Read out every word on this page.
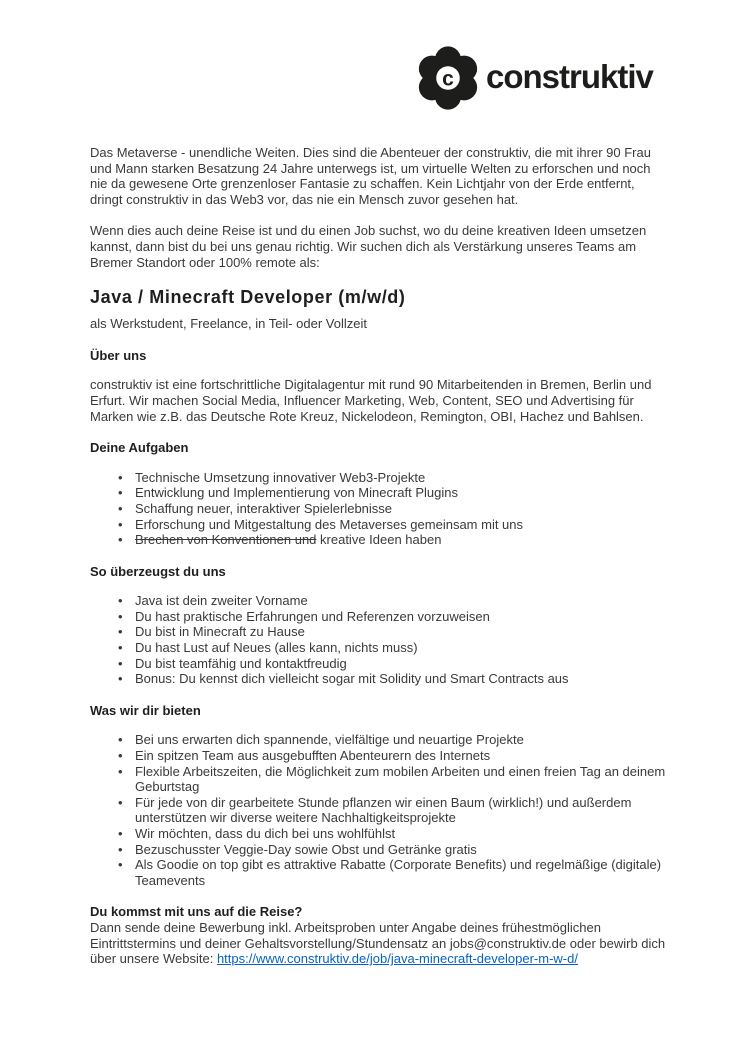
c construktiv

Das Metaverse - unendliche Weiten. Dies sind die Abenteuer der construktiv, die mit ihrer 90 Frau und Mann starken Besatzung 24 Jahre unterwegs ist, um virtuelle Welten zu erforschen und noch nie da gewesene Orte grenzenloser Fantasie zu schaffen. Kein Lichtjahr von der Erde entfernt, dringt construktiv in das Web3 vor, das nie ein Mensch zuvor gesehen hat.

Wenn dies auch deine Reise ist und du einen Job suchst, wo du deine kreativen Ideen umsetzen kannst, dann bist du bei uns genau richtig. Wir suchen dich als Verstärkung unseres Teams am Bremer Standort oder 100% remote als:

Java / Minecraft Developer (m/w/d)

als Werkstudent, Freelance, in Teil- oder Vollzeit

Über uns

construktiv ist eine fortschrittliche Digitalagentur mit rund 90 Mitarbeitenden in Bremen, Berlin und Erfurt. Wir machen Social Media, Influencer Marketing, Web, Content, SEO und Advertising für Marken wie z.B. das Deutsche Rote Kreuz, Nickelodeon, Remington, OBI, Hachez und Bahlsen.

Deine Aufgaben
• Technische Umsetzung innovativer Web3-Projekte
• Entwicklung und Implementierung von Minecraft Plugins
• Schaffung neuer, interaktiver Spielerlebnisse
• Erforschung und Mitgestaltung des Metaverses gemeinsam mit uns
• Brechen von Konventionen und kreative Ideen haben
So überzeugst du uns
• Java ist dein zweiter Vorname
• Du hast praktische Erfahrungen und Referenzen vorzuweisen
• Du bist in Minecraft zu Hause
• Du hast Lust auf Neues (alles kann, nichts muss)
• Du bist teamfähig und kontaktfreudig
• Bonus: Du kennst dich vielleicht sogar mit Solidity und Smart Contracts aus
Was wir dir bieten
• Bei uns erwarten dich spannende, vielfältige und neuartige Projekte
• Ein spitzen Team aus ausgebufften Abenteurern des Internets
• Flexible Arbeitszeiten, die Möglichkeit zum mobilen Arbeiten und einen freien Tag an deinem Geburtstag
• Für jede von dir gearbeitete Stunde pflanzen wir einen Baum (wirklich!) und außerdem unterstützen wir diverse weitere Nachhaltigkeitsprojekte
• Wir möchten, dass du dich bei uns wohlfühlst
• Bezuschusster Veggie-Day sowie Obst und Getränke gratis
• Als Goodie on top gibt es attraktive Rabatte (Corporate Benefits) und regelmäßige (digitale) Teamevents
Du kommst mit uns auf die Reise?

Dann sende deine Bewerbung inkl. Arbeitsproben unter Angabe deines frühestmöglichen Eintrittstermins und deiner Gehaltsvorstellung/Stundensatz an jobs@construktiv.de oder bewirb dich über unsere Website: https://www.construktiv.de/job/java-minecraft-developer-m-w-d/
